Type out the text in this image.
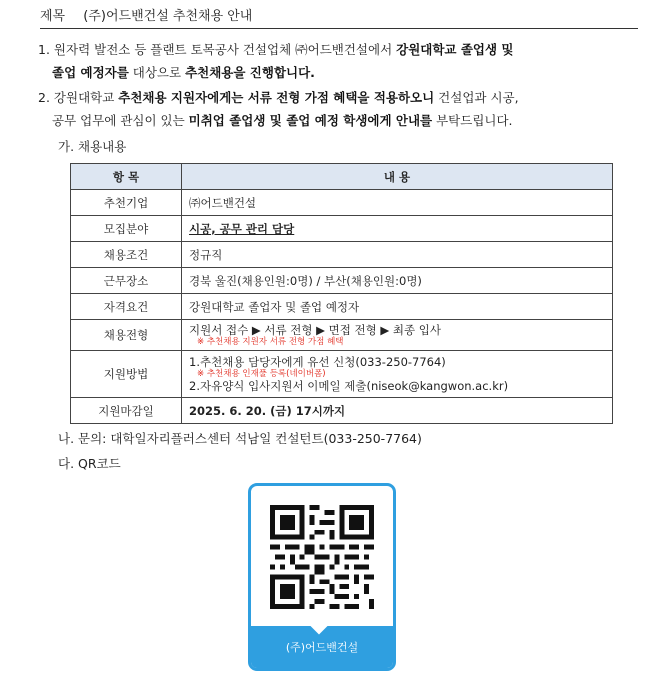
제목 (주)어드밴건설 추천채용 안내
1. 원자력 발전소 등 플랜트 토목공사 건설업체 ㈜어드밴건설에서 강원대학교 졸업생 및
졸업 예정자를 대상으로 추천채용을 진행합니다.
2. 강원대학교 추천채용 지원자에게는 서류 전형 가점 혜택을 적용하오니 건설업과 시공,
공무 업무에 관심이 있는 미취업 졸업생 및 졸업 예정 학생에게 안내를 부탁드립니다.
가. 채용내용
항 목	내 용
추천기업	㈜어드밴건설
모집분야	시공, 공무 관리 담당
채용조건	정규직
근무장소	경북 울진(채용인원:0명) / 부산(채용인원:0명)
자격요건	강원대학교 졸업자 및 졸업 예정자
채용전형	지원서 접수 ▶ 서류 전형 ▶ 면접 전형 ▶ 최종 입사
※ 추천채용 지원자 서류 전형 가점 혜택

지원방법	1.추천채용 담당자에게 유선 신청(033-250-7764)
※ 추천채용 인재풀 등록(네이버폼)
2.자유양식 입사지원서 이메일 제출(niseok@kangwon.ac.kr)
지원마감일	2025. 6. 20. (금) 17시까지
나. 문의: 대학일자리플러스센터 석남일 컨설턴트(033-250-7764)
다. QR코드
(주)어드밴건설
